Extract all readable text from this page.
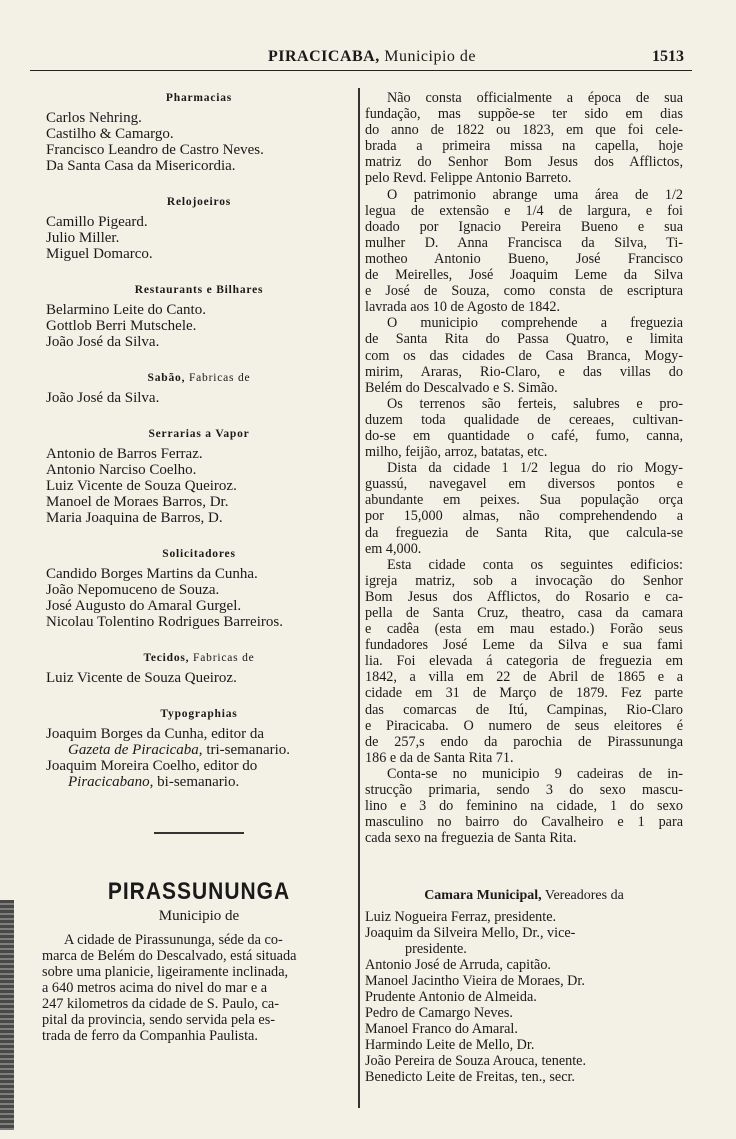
PIRACICABA, Municipio de	1513
Pharmacias
Carlos Nehring.
Castilho & Camargo.
Francisco Leandro de Castro Neves.
Da Santa Casa da Misericordia.
Relojoeiros
Camillo Pigeard.
Julio Miller.
Miguel Domarco.
Restaurants e Bilhares
Belarmino Leite do Canto.
Gottlob Berri Mutschele.
João José da Silva.
Sabão, Fabricas de
João José da Silva.
Serrarias a Vapor
Antonio de Barros Ferraz.
Antonio Narciso Coelho.
Luiz Vicente de Souza Queiroz.
Manoel de Moraes Barros, Dr.
Maria Joaquina de Barros, D.
Solicitadores
Candido Borges Martins da Cunha.
João Nepomuceno de Souza.
José Augusto do Amaral Gurgel.
Nicolau Tolentino Rodrigues Barreiros.
Tecidos, Fabricas de
Luiz Vicente de Souza Queiroz.
Typographias
Joaquim Borges da Cunha, editor da
Gazeta de Piracicaba, tri-semanario.
Joaquim Moreira Coelho, editor do
Piracicabano, bi-semanario.
PIRASSUNUNGA
Municipio de
A cidade de Pirassununga, séde da co-
marca de Belém do Descalvado, está situada
sobre uma planicie, ligeiramente inclinada,
a 640 metros acima do nivel do mar e a
247 kilometros da cidade de S. Paulo, ca-
pital da provincia, sendo servida pela es-
trada de ferro da Companhia Paulista.
Não consta officialmente a época de sua
fundação, mas suppõe-se ter sido em dias
do anno de 1822 ou 1823, em que foi cele-
brada a primeira missa na capella, hoje
matriz do Senhor Bom Jesus dos Afflictos,
pelo Revd. Felippe Antonio Barreto.
O patrimonio abrange uma área de 1/2
legua de extensão e 1/4 de largura, e foi
doado por Ignacio Pereira Bueno e sua
mulher D. Anna Francisca da Silva, Ti-
motheo Antonio Bueno, José Francisco
de Meirelles, José Joaquim Leme da Silva
e José de Souza, como consta de escriptura
lavrada aos 10 de Agosto de 1842.
O municipio comprehende a freguezia
de Santa Rita do Passa Quatro, e limita
com os das cidades de Casa Branca, Mogy-
mirim, Araras, Rio-Claro, e das villas do
Belém do Descalvado e S. Simão.
Os terrenos são ferteis, salubres e pro-
duzem toda qualidade de cereaes, cultivan-
do-se em quantidade o café, fumo, canna,
milho, feijão, arroz, batatas, etc.
Dista da cidade 1 1/2 legua do rio Mogy-
guassú, navegavel em diversos pontos e
abundante em peixes. Sua população orça
por 15,000 almas, não comprehendendo a
da freguezia de Santa Rita, que calcula-se
em 4,000.
Esta cidade conta os seguintes edificios:
igreja matriz, sob a invocação do Senhor
Bom Jesus dos Afflictos, do Rosario e ca-
pella de Santa Cruz, theatro, casa da camara
e cadêa (esta em mau estado.) Forão seus
fundadores José Leme da Silva e sua fami
lia. Foi elevada á categoria de freguezia em
1842, a villa em 22 de Abril de 1865 e a
cidade em 31 de Março de 1879. Fez parte
das comarcas de Itú, Campinas, Rio-Claro
e Piracicaba. O numero de seus eleitores é
de 257,s endo da parochia de Pirassununga
186 e da de Santa Rita 71.
Conta-se no municipio 9 cadeiras de in-
strucção primaria, sendo 3 do sexo mascu-
lino e 3 do feminino na cidade, 1 do sexo
masculino no bairro do Cavalheiro e 1 para
cada sexo na freguezia de Santa Rita.
Camara Municipal, Vereadores da
Luiz Nogueira Ferraz, presidente.
Joaquim da Silveira Mello, Dr., vice-
presidente.
Antonio José de Arruda, capitão.
Manoel Jacintho Vieira de Moraes, Dr.
Prudente Antonio de Almeida.
Pedro de Camargo Neves.
Manoel Franco do Amaral.
Harmindo Leite de Mello, Dr.
João Pereira de Souza Arouca, tenente.
Benedicto Leite de Freitas, ten., secr.
